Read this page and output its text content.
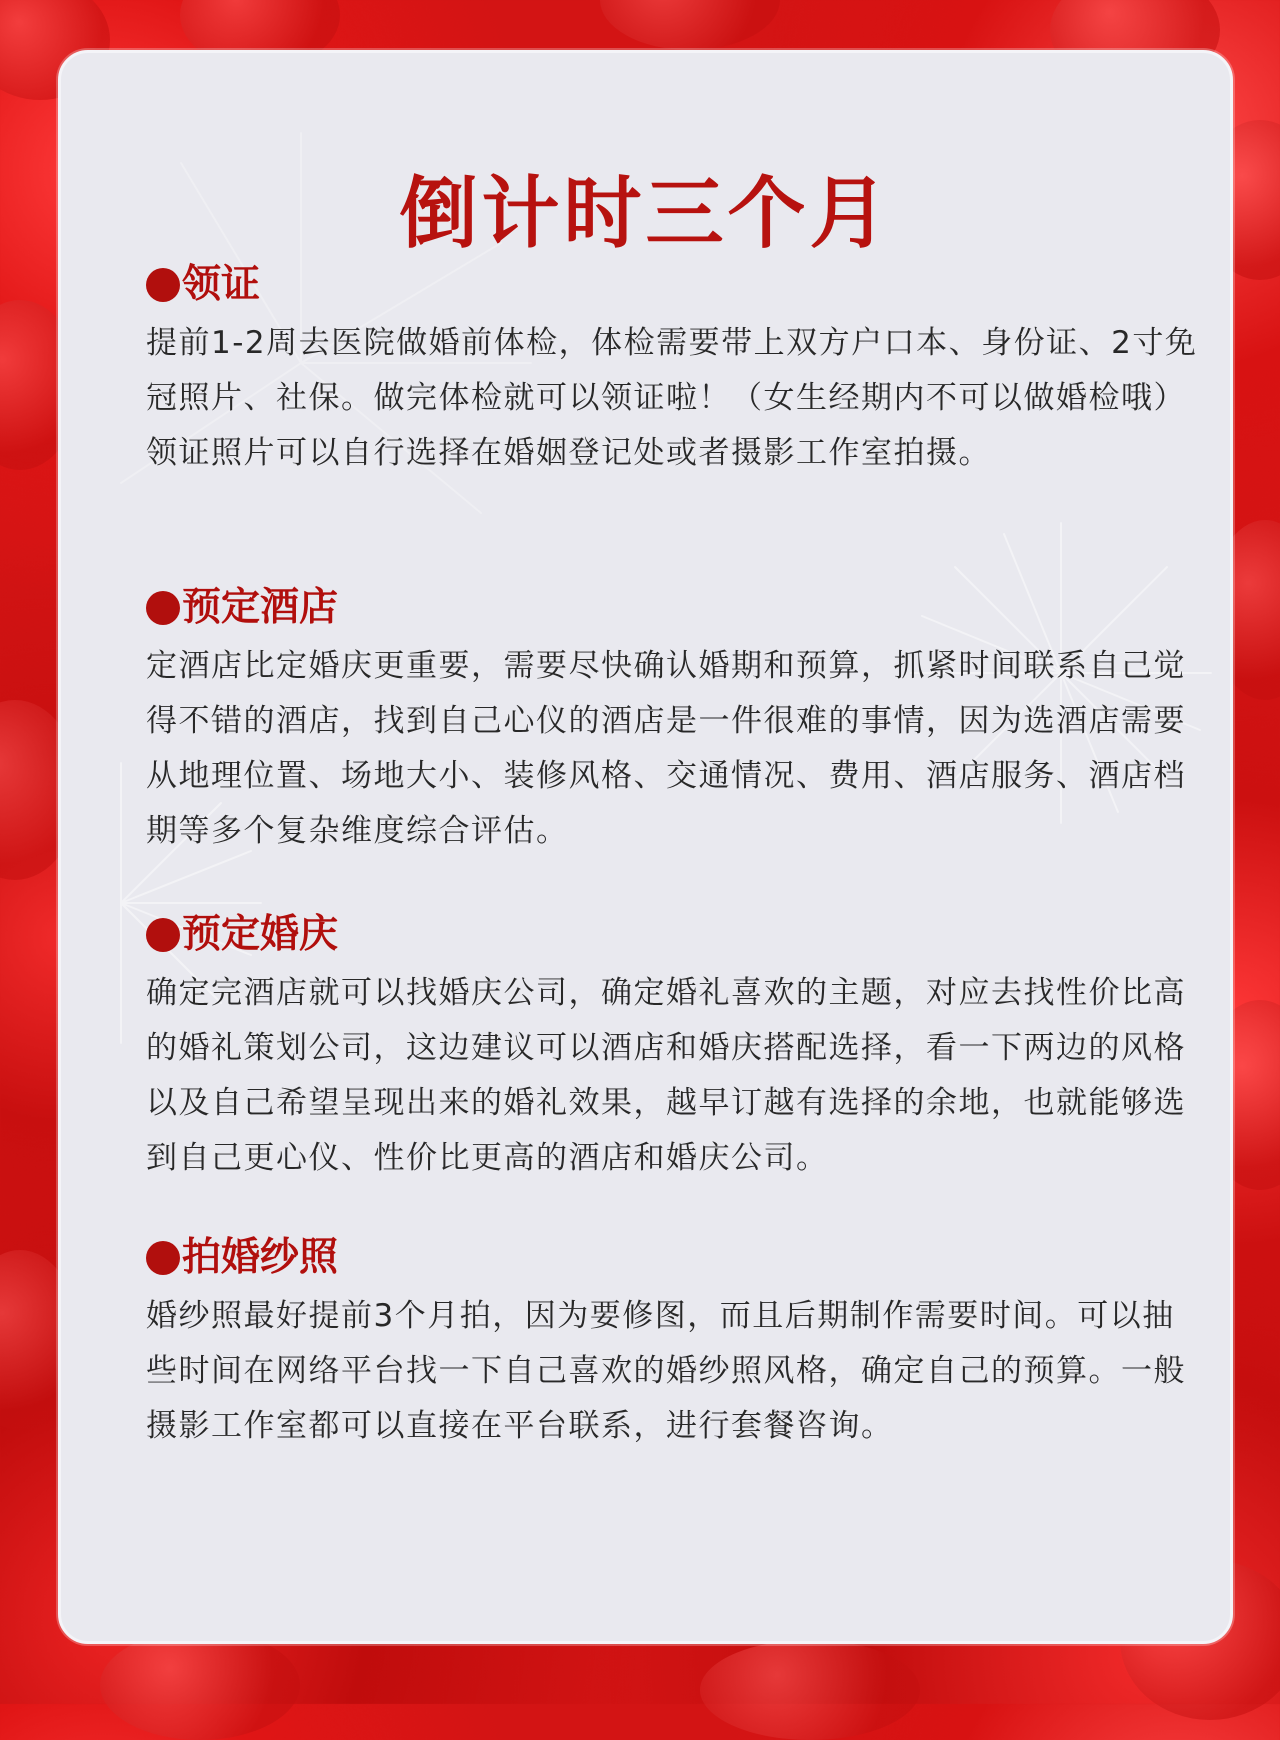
倒计时三个月
领证
提前1-2周去医院做婚前体检，体检需要带上双方户口本、身份证、2寸免冠照片、社保。做完体检就可以领证啦！（女生经期内不可以做婚检哦）领证照片可以自行选择在婚姻登记处或者摄影工作室拍摄。
预定酒店
定酒店比定婚庆更重要，需要尽快确认婚期和预算，抓紧时间联系自己觉得不错的酒店，找到自己心仪的酒店是一件很难的事情，因为选酒店需要从地理位置、场地大小、装修风格、交通情况、费用、酒店服务、酒店档期等多个复杂维度综合评估。
预定婚庆
确定完酒店就可以找婚庆公司，确定婚礼喜欢的主题，对应去找性价比高的婚礼策划公司，这边建议可以酒店和婚庆搭配选择，看一下两边的风格以及自己希望呈现出来的婚礼效果，越早订越有选择的余地，也就能够选到自己更心仪、性价比更高的酒店和婚庆公司。
拍婚纱照
婚纱照最好提前3个月拍，因为要修图，而且后期制作需要时间。可以抽些时间在网络平台找一下自己喜欢的婚纱照风格，确定自己的预算。一般摄影工作室都可以直接在平台联系，进行套餐咨询。
